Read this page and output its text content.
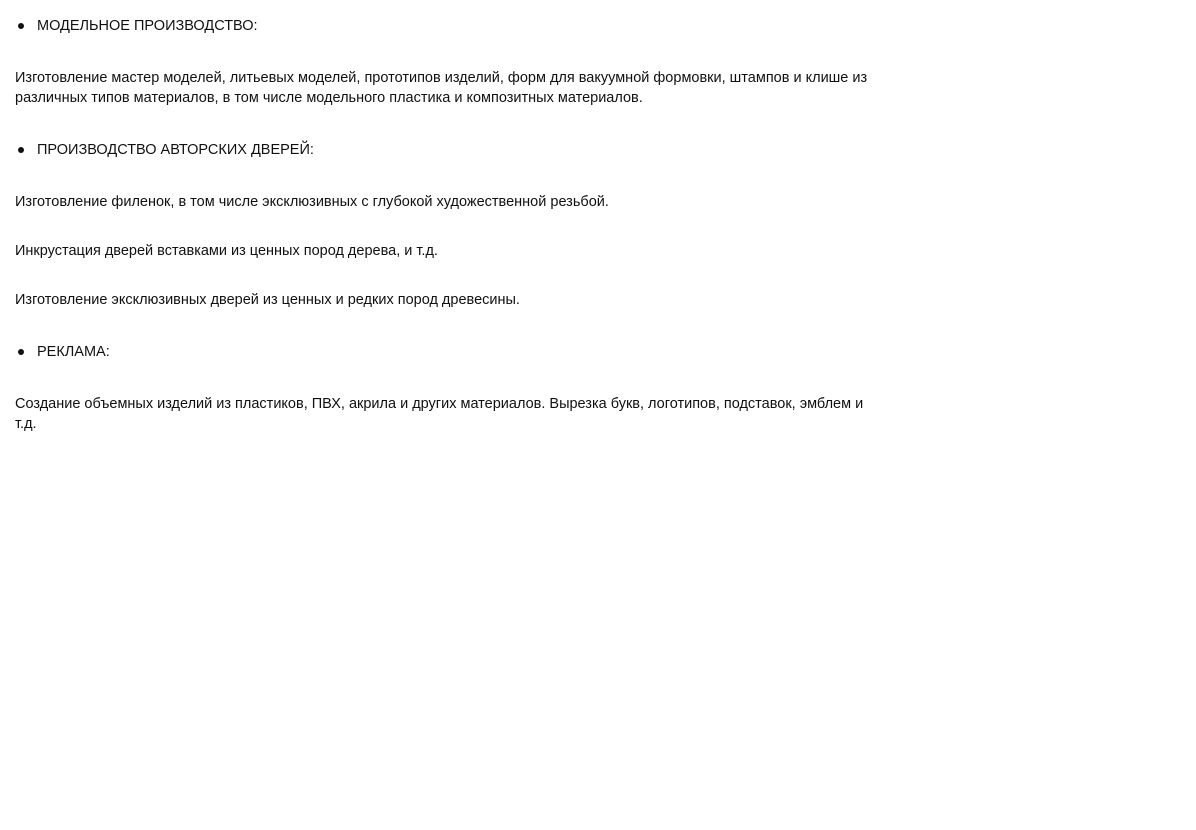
МОДЕЛЬНОЕ ПРОИЗВОДСТВО:
Изготовление мастер моделей, литьевых моделей, прототипов изделий, форм для вакуумной формовки, штампов и клише из различных типов материалов, в том числе модельного пластика и композитных материалов.
ПРОИЗВОДСТВО АВТОРСКИХ ДВЕРЕЙ:
Изготовление филенок, в том числе эксклюзивных с глубокой художественной резьбой.
Инкрустация дверей вставками из ценных пород дерева, и т.д.
Изготовление эксклюзивных дверей из ценных и редких пород древесины.
РЕКЛАМА:
Создание объемных изделий из пластиков, ПВХ, акрила и других материалов. Вырезка букв, логотипов, подставок, эмблем и т.д.
